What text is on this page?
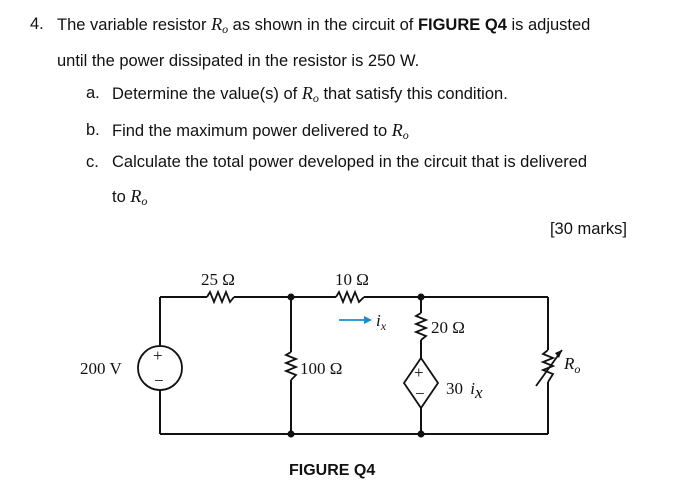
4. The variable resistor $R_o$ as shown in the circuit of FIGURE Q4 is adjusted
until the power dissipated in the resistor is 250 W.
a. Determine the value(s) of $R_o$ that satisfy this condition.
b. Find the maximum power delivered to $R_o$
c. Calculate the total power developed in the circuit that is delivered
to $R_o$
[30 marks]
+
−	+
−
25 Ω	10 Ω
200 V	100 Ω
20 Ω
$i_x$
30 ix
$R_o$
FIGURE Q4
